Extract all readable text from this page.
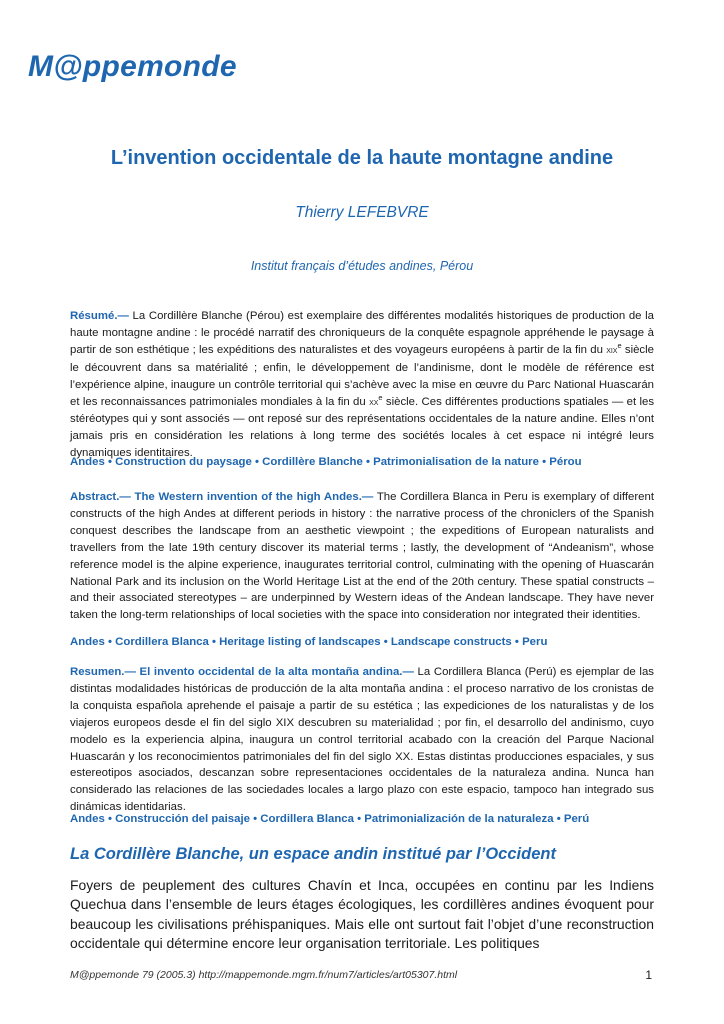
M@ppemonde
L’invention occidentale de la haute montagne andine
Thierry LEFEBVRE
Institut français d’études andines, Pérou
Résumé.— La Cordillère Blanche (Pérou) est exemplaire des différentes modalités historiques de production de la haute montagne andine : le procédé narratif des chroniqueurs de la conquête espagnole appréhende le paysage à partir de son esthétique ; les expéditions des naturalistes et des voyageurs européens à partir de la fin du xix$^e$ siècle le découvrent dans sa matérialité ; enfin, le développement de l’andinisme, dont le modèle de référence est l’expérience alpine, inaugure un contrôle territorial qui s’achève avec la mise en œuvre du Parc National Huascarán et les reconnaissances patrimoniales mondiales à la fin du $xx^e$ siècle. Ces différentes productions spatiales — et les stéréotypes qui y sont associés — ont reposé sur des représentations occidentales de la nature andine. Elles n’ont jamais pris en considération les relations à long terme des sociétés locales à cet espace ni intégré leurs dynamiques identitaires.
Andes • Construction du paysage • Cordillère Blanche • Patrimonialisation de la nature • Pérou
Abstract.— The Western invention of the high Andes.— The Cordillera Blanca in Peru is exemplary of different constructs of the high Andes at different periods in history : the narrative process of the chroniclers of the Spanish conquest describes the landscape from an aesthetic viewpoint ; the expeditions of European naturalists and travellers from the late 19th century discover its material terms ; lastly, the development of “Andeanism”, whose reference model is the alpine experience, inaugurates territorial control, culminating with the opening of Huascarán National Park and its inclusion on the World Heritage List at the end of the 20th century. These spatial constructs – and their associated stereotypes – are underpinned by Western ideas of the Andean landscape. They have never taken the long-term relationships of local societies with the space into consideration nor integrated their identities.
Andes • Cordillera Blanca • Heritage listing of landscapes • Landscape constructs • Peru
Resumen.— El invento occidental de la alta montaña andina.— La Cordillera Blanca (Perú) es ejemplar de las distintas modalidades históricas de producción de la alta montaña andina : el proceso narrativo de los cronistas de la conquista española aprehende el paisaje a partir de su estética ; las expediciones de los naturalistas y de los viajeros europeos desde el fin del siglo XIX descubren su materialidad ; por fin, el desarrollo del andinismo, cuyo modelo es la experiencia alpina, inaugura un control territorial acabado con la creación del Parque Nacional Huascarán y los reconocimientos patrimoniales del fin del siglo XX. Estas distintas producciones espaciales, y sus estereotipos asociados, descanzan sobre representaciones occidentales de la naturaleza andina. Nunca han considerado las relaciones de las sociedades locales a largo plazo con este espacio, tampoco han integrado sus dinámicas identidarias.
Andes • Construcción del paisaje • Cordillera Blanca • Patrimonialización de la naturaleza • Perú
La Cordillère Blanche, un espace andin institué par l’Occident
Foyers de peuplement des cultures Chavín et Inca, occupées en continu par les Indiens Quechua dans l’ensemble de leurs étages écologiques, les cordillères andines évoquent pour beaucoup les civilisations préhispaniques. Mais elle ont surtout fait l’objet d’une reconstruction occidentale qui détermine encore leur organisation territoriale. Les politiques
M@ppemonde 79 (2005.3) http://mappemonde.mgm.fr/num7/articles/art05307.html	1
